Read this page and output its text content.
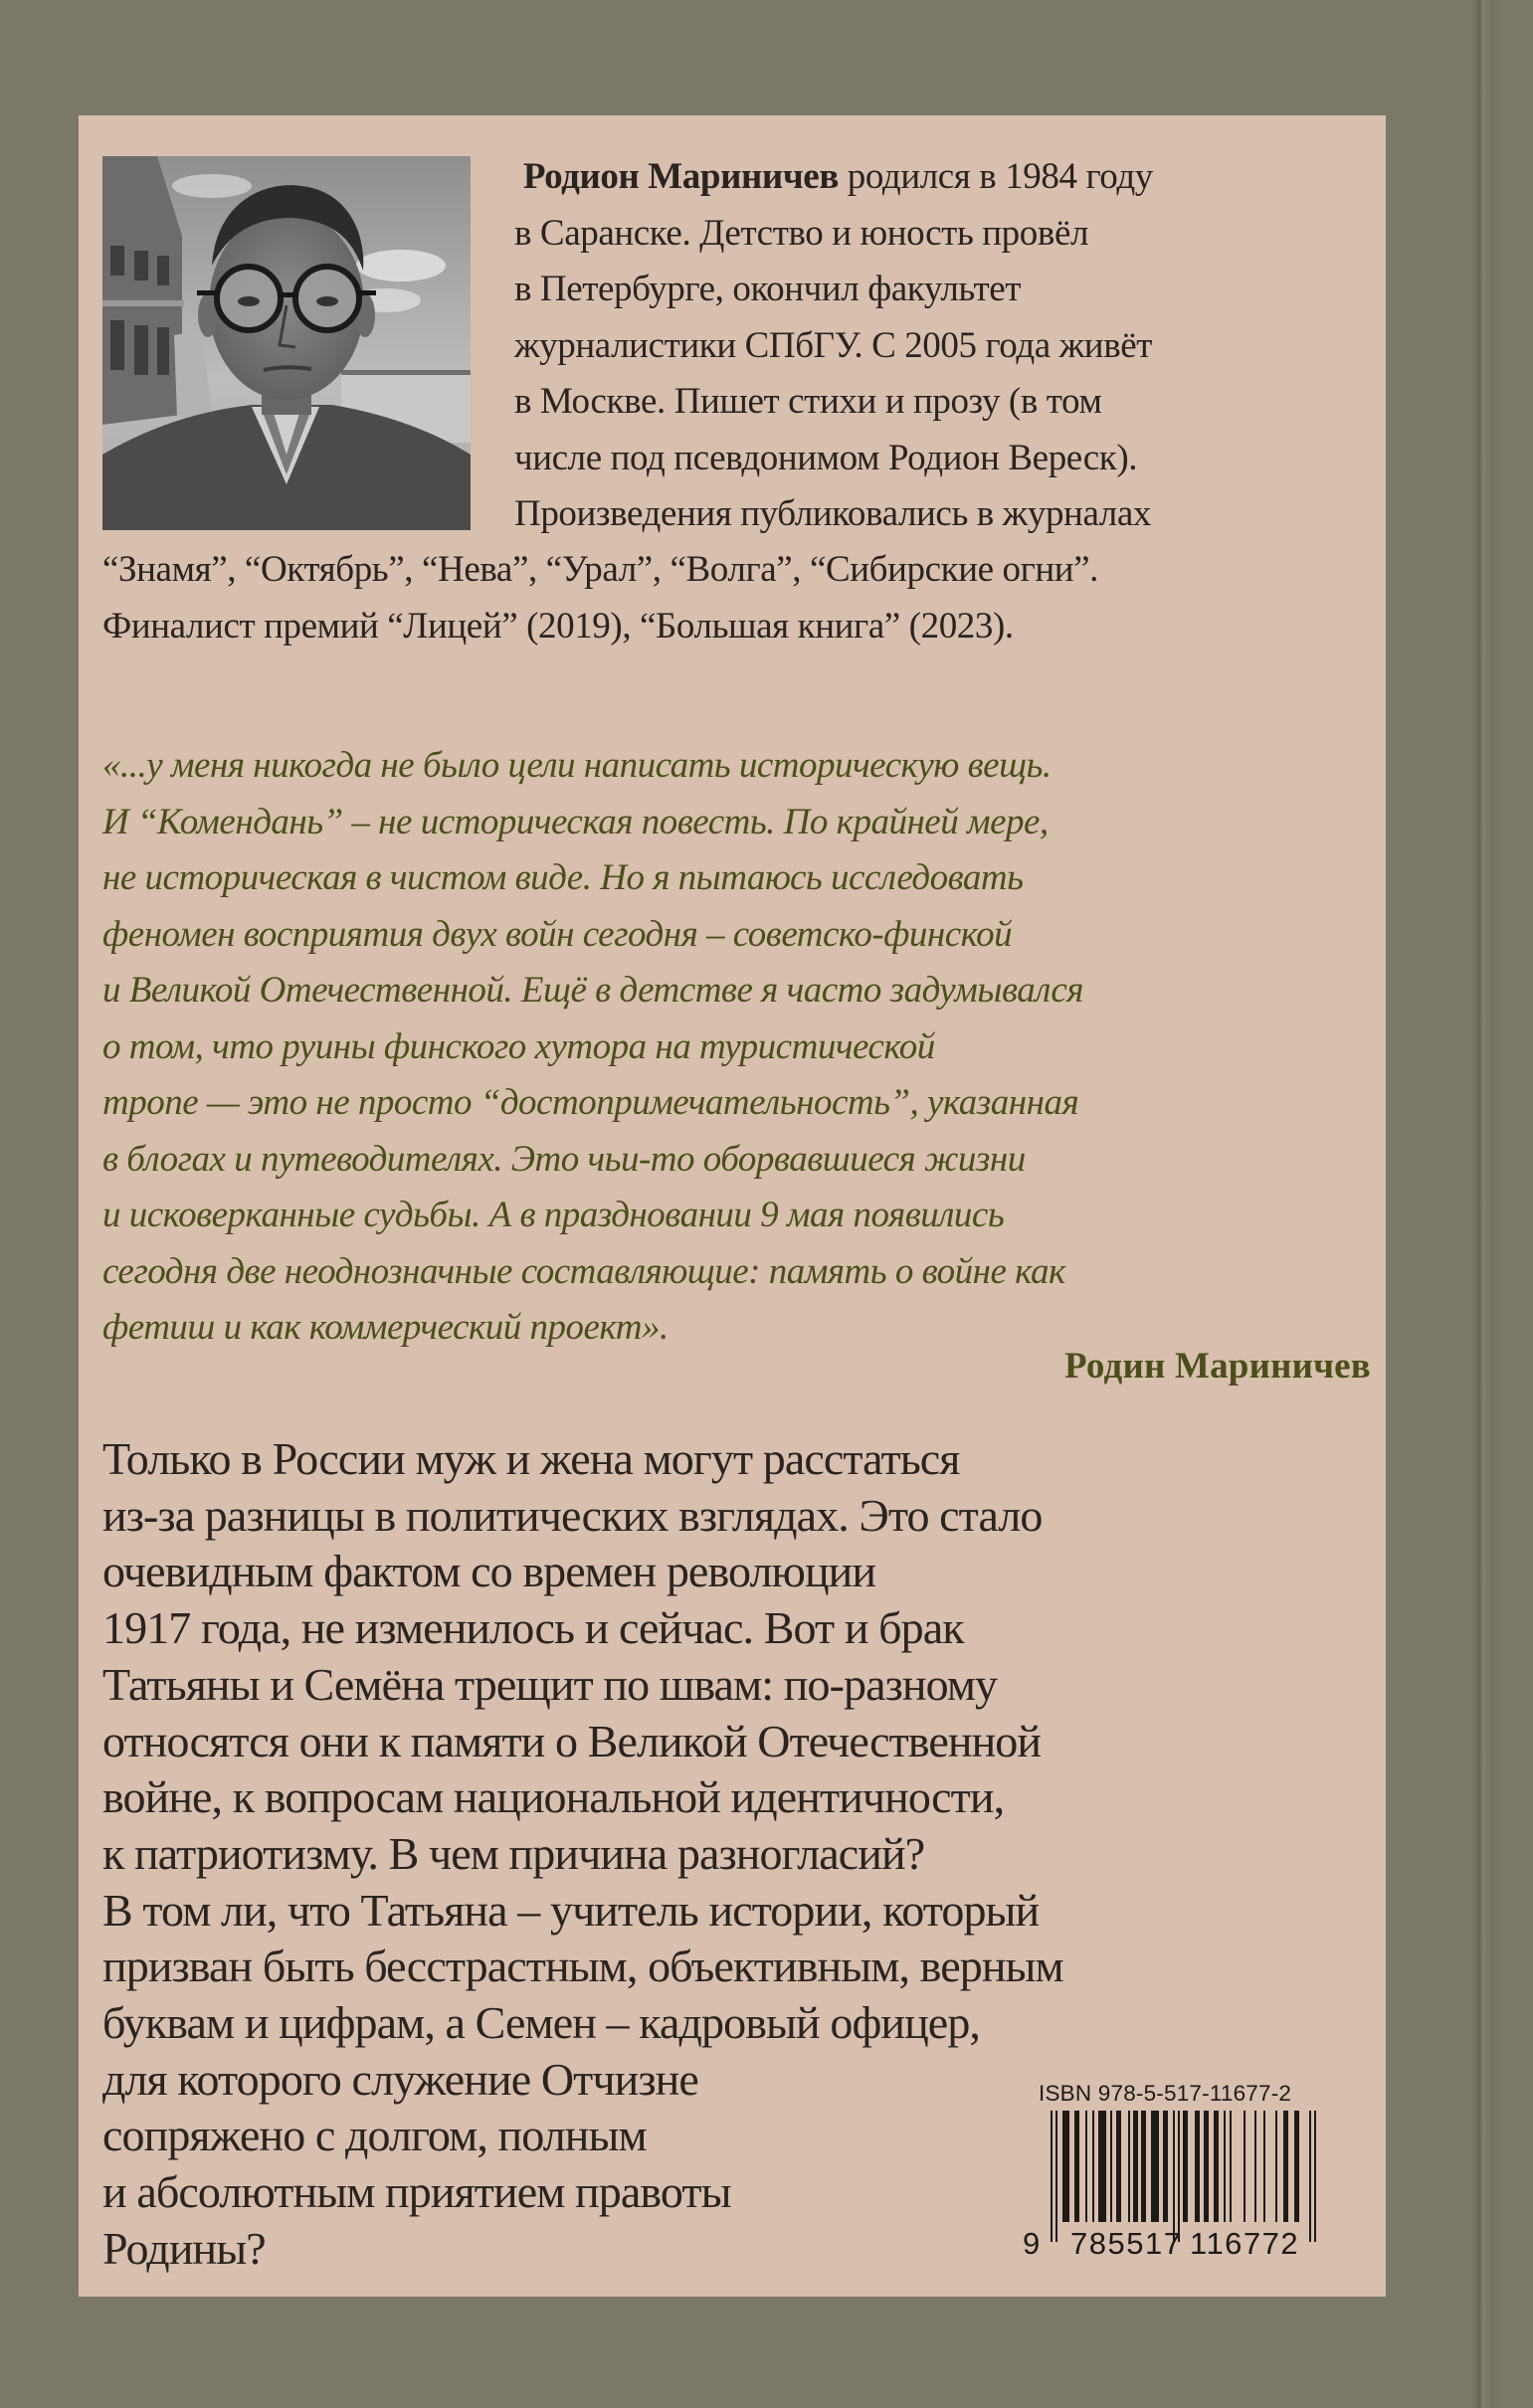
Родион Мариничев родился в 1984 году
в Саранске. Детство и юность провёл
в Петербурге, окончил факультет
журналистики СПбГУ. С 2005 года живёт
в Москве. Пишет стихи и прозу (в том
числе под псевдонимом Родион Вереск).
Произведения публиковались в журналах
“Знамя”, “Октябрь”, “Нева”, “Урал”, “Волга”, “Сибирские огни”.
Финалист премий “Лицей” (2019), “Большая книга” (2023).
«...у меня никогда не было цели написать историческую вещь.
И “Комендань” – не историческая повесть. По крайней мере,
не историческая в чистом виде. Но я пытаюсь исследовать
феномен восприятия двух войн сегодня – советско-финской
и Великой Отечественной. Ещё в детстве я часто задумывался
о том, что руины финского хутора на туристической
тропе — это не просто “достопримечательность”, указанная
в блогах и путеводителях. Это чьи-то оборвавшиеся жизни
и исковерканные судьбы. А в праздновании 9 мая появились
сегодня две неоднозначные составляющие: память о войне как
фетиш и как коммерческий проект».
Родин Мариничев
Только в России муж и жена могут расстаться
из-за разницы в политических взглядах. Это стало
очевидным фактом со времен революции
1917 года, не изменилось и сейчас. Вот и брак
Татьяны и Семёна трещит по швам: по-разному
относятся они к памяти о Великой Отечественной
войне, к вопросам национальной идентичности,
к патриотизму. В чем причина разногласий?
В том ли, что Татьяна – учитель истории, который
призван быть бесстрастным, объективным, верным
буквам и цифрам, а Семен – кадровый офицер,
для которого служение Отчизне
сопряжено с долгом, полным
и абсолютным приятием правоты
Родины?
ISBN 978-5-517-11677-2
9 785517 116772
